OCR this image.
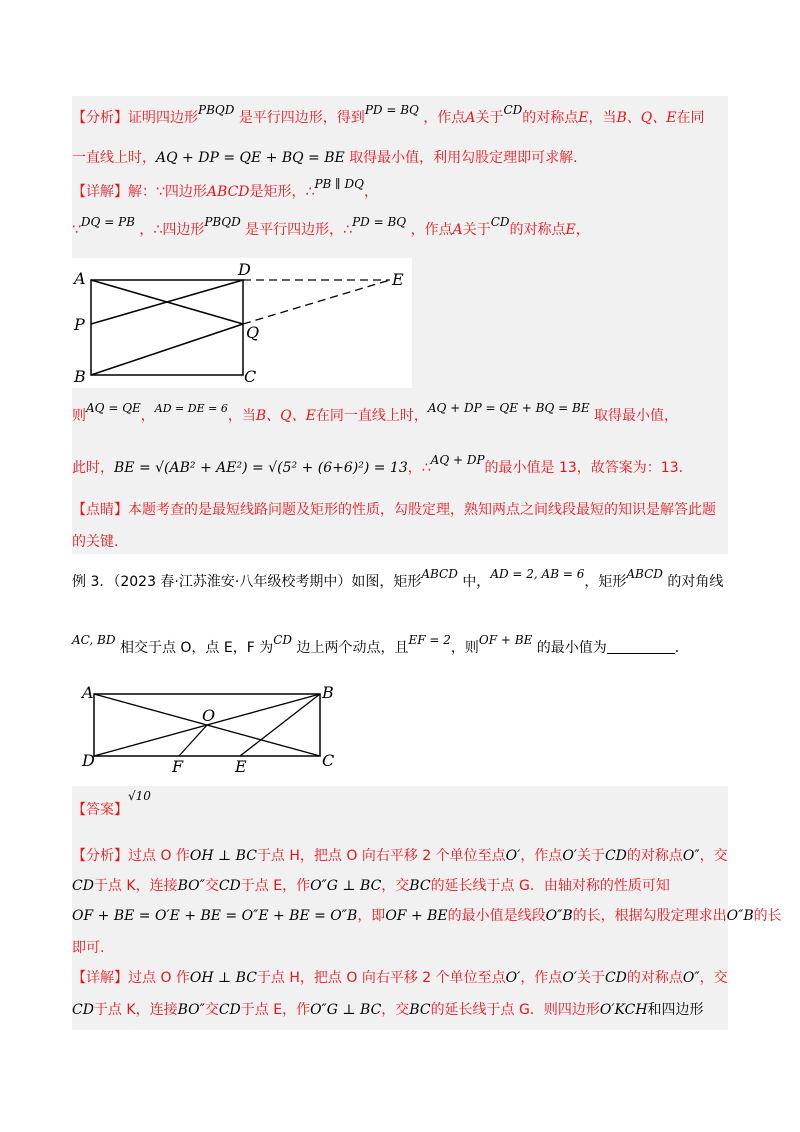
【分析】证明四边形PBQD 是平行四边形，得到PD = BQ ，作点A关于CD的对称点E，当B、Q、E在同
一直线上时，AQ + DP = QE + BQ = BE 取得最小值，利用勾股定理即可求解.
【详解】解：∵四边形ABCD是矩形，∴PB ∥ DQ，
∵DQ = PB ，∴四边形PBQD 是平行四边形，∴PD = BQ ，作点A关于CD的对称点E，
A	D
E
P	Q
B	C
则AQ = QE，$^{AD = DE = 6}$，当B、Q、E在同一直线上时，AQ + DP = QE + BQ = BE 取得最小值，
此时，BE = √(AB² + AE²) = √(5² + (6+6)²) = 13，∴AQ + DP的最小值是 13，故答案为：13.
【点睛】本题考查的是最短线路问题及矩形的性质，勾股定理，熟知两点之间线段最短的知识是解答此题
的关键.
例 3．（2023 春·江苏淮安·八年级校考期中）如图，矩形ABCD 中，AD = 2, AB = 6，矩形ABCD 的对角线
AC, BD 相交于点 O，点 E，F 为CD 边上两个动点，且EF = 2，则OF + BE 的最小值为	．
A	B
O
D	F	E	C
【答案】√10
【分析】过点 O 作OH ⊥ BC于点 H，把点 O 向右平移 2 个单位至点O′，作点O′关于CD的对称点O″，交
CD于点 K，连接BO″交CD于点 E，作O″G ⊥ BC，交BC的延长线于点 G．由轴对称的性质可知
OF + BE = O′E + BE = O″E + BE = O″B，即OF + BE的最小值是线段O″B的长，根据勾股定理求出O″B的长
即可.
【详解】过点 O 作OH ⊥ BC于点 H，把点 O 向右平移 2 个单位至点O′，作点O′关于CD的对称点O″，交
CD于点 K，连接BO″交CD于点 E，作O″G ⊥ BC，交BC的延长线于点 G．则四边形O′KCH和四边形
